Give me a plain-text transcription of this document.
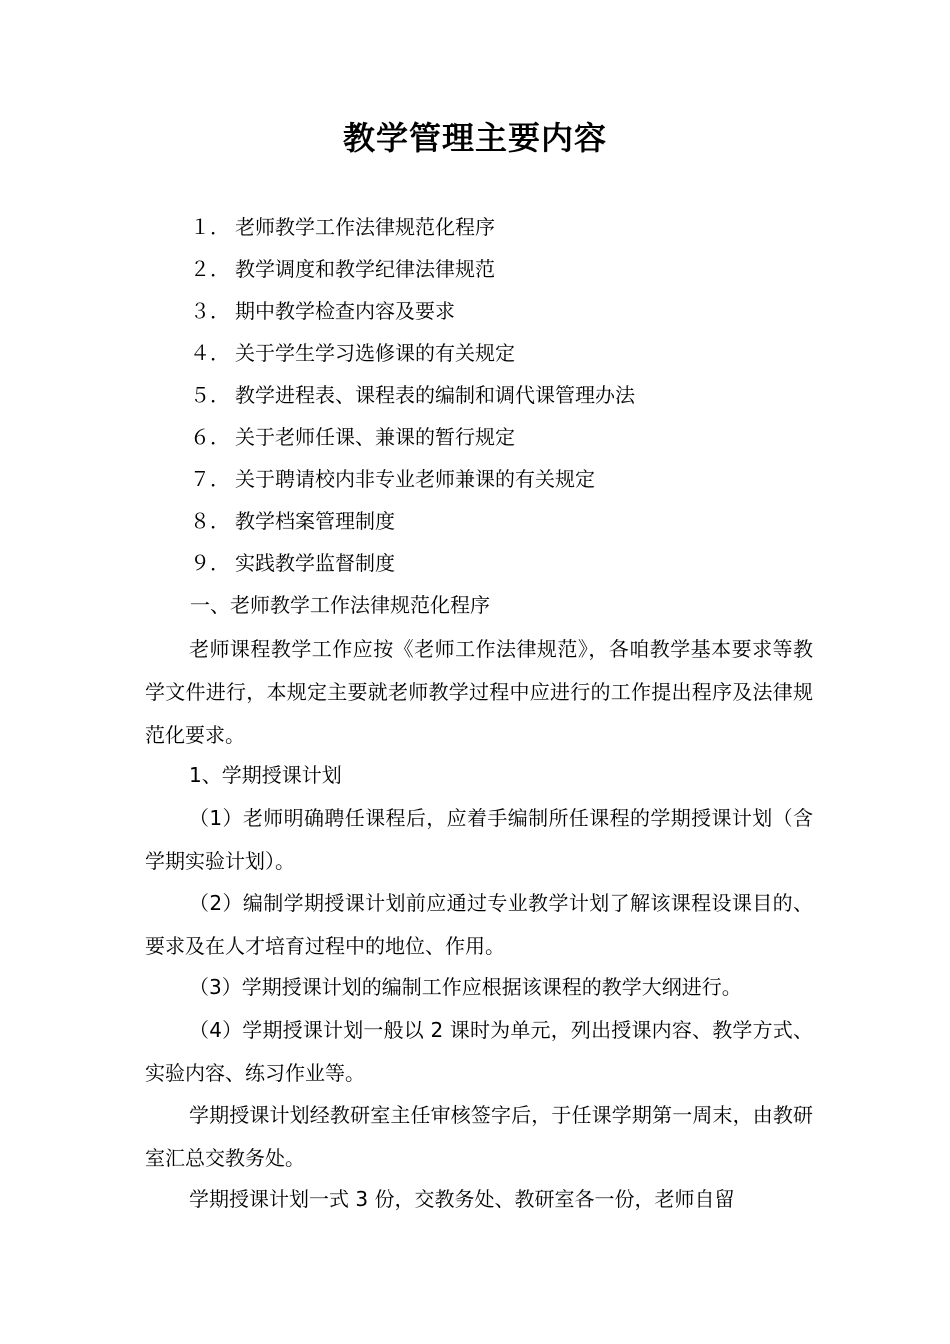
教学管理主要内容
１． 老师教学工作法律规范化程序
２． 教学调度和教学纪律法律规范
３． 期中教学检查内容及要求
４． 关于学生学习选修课的有关规定
５． 教学进程表、课程表的编制和调代课管理办法
６． 关于老师任课、兼课的暂行规定
７． 关于聘请校内非专业老师兼课的有关规定
８． 教学档案管理制度
９． 实践教学监督制度
一、老师教学工作法律规范化程序

老师课程教学工作应按《老师工作法律规范》，各咱教学基本要求等教学文件进行，本规定主要就老师教学过程中应进行的工作提出程序及法律规范化要求。

1、学期授课计划

（1）老师明确聘任课程后，应着手编制所任课程的学期授课计划（含学期实验计划）。

（2）编制学期授课计划前应通过专业教学计划了解该课程设课目的、要求及在人才培育过程中的地位、作用。

（3）学期授课计划的编制工作应根据该课程的教学大纲进行。

（4）学期授课计划一般以 2 课时为单元，列出授课内容、教学方式、实验内容、练习作业等。

学期授课计划经教研室主任审核签字后，于任课学期第一周末，由教研室汇总交教务处。

学期授课计划一式 3 份，交教务处、教研室各一份，老师自留
